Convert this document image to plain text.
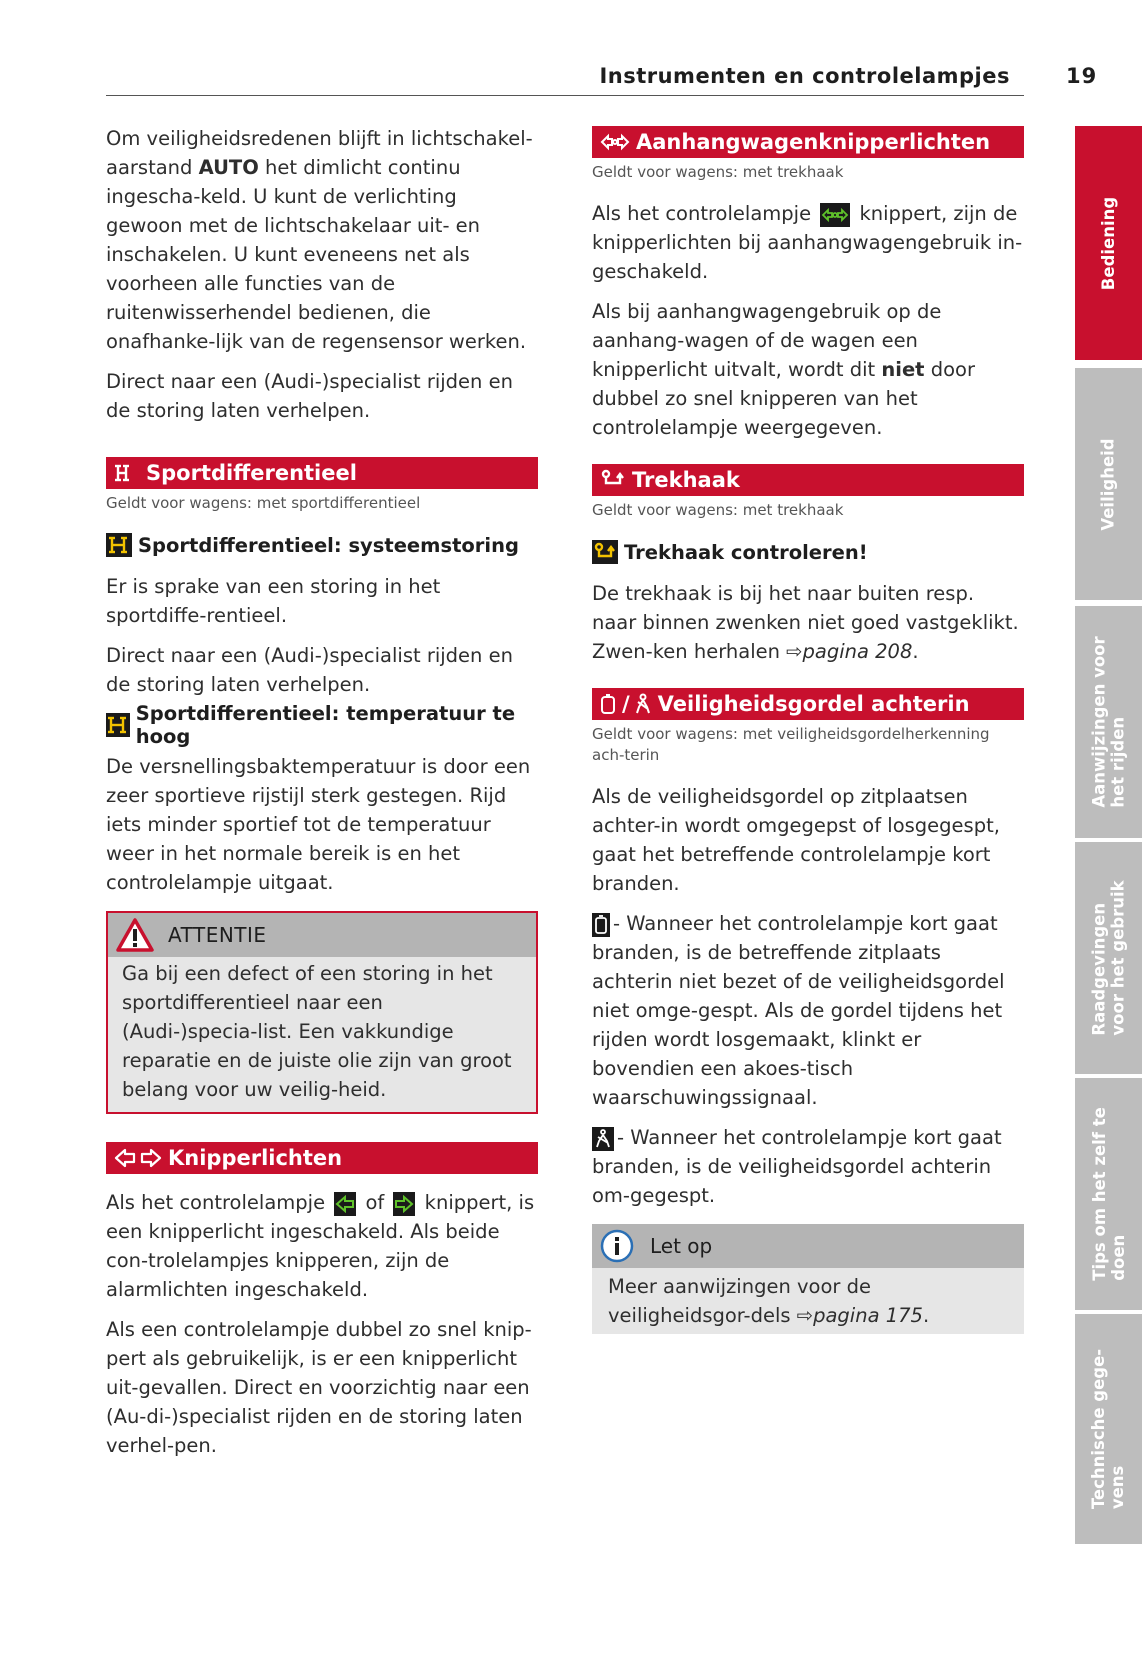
Instrumenten en controlelampjes	19

Om veiligheidsredenen blijft in lichtschakel-aarstand AUTO het dimlicht continu ingescha-keld. U kunt de verlichting gewoon met de lichtschakelaar uit- en inschakelen. U kunt eveneens net als voorheen alle functies van de ruitenwisserhendel bedienen, die onafhanke-lijk van de regensensor werken.

Direct naar een (Audi-)specialist rijden en de storing laten verhelpen.

Sportdifferentieel
Geldt voor wagens: met sportdifferentieel
Sportdifferentieel: systeemstoring

Er is sprake van een storing in het sportdiffe-rentieel.

Direct naar een (Audi-)specialist rijden en de storing laten verhelpen.

Sportdifferentieel: temperatuur te hoog

De versnellingsbaktemperatuur is door een zeer sportieve rijstijl sterk gestegen. Rijd iets minder sportief tot de temperatuur weer in het normale bereik is en het controlelampje uitgaat.

ATTENTIE

Ga bij een defect of een storing in het sportdifferentieel naar een (Audi-)specia-list. Een vakkundige reparatie en de juiste olie zijn van groot belang voor uw veilig-heid.

Knipperlichten

Als het controlelampje of knippert, is een knipperlicht ingeschakeld. Als beide con-trolelampjes knipperen, zijn de alarmlichten ingeschakeld.

Als een controlelampje dubbel zo snel knip-pert als gebruikelijk, is er een knipperlicht uit-gevallen. Direct en voorzichtig naar een (Au-di-)specialist rijden en de storing laten verhel-pen.

Aanhangwagenknipperlichten
Geldt voor wagens: met trekhaak

Als het controlelampje knippert, zijn de knipperlichten bij aanhangwagengebruik in-geschakeld.

Als bij aanhangwagengebruik op de aanhang-wagen of de wagen een knipperlicht uitvalt, wordt dit niet door dubbel zo snel knipperen van het controlelampje weergegeven.

Trekhaak
Geldt voor wagens: met trekhaak
Trekhaak controleren!

De trekhaak is bij het naar buiten resp. naar binnen zwenken niet goed vastgeklikt. Zwen-ken herhalen ⇨pagina 208.

/ Veiligheidsgordel achterin
Geldt voor wagens: met veiligheidsgordelherkenning ach-terin

Als de veiligheidsgordel op zitplaatsen achter-in wordt omgegepst of losgegespt, gaat het betreffende controlelampje kort branden.

- Wanneer het controlelampje kort gaat branden, is de betreffende zitplaats achterin niet bezet of de veiligheidsgordel niet omge-gespt. Als de gordel tijdens het rijden wordt losgemaakt, klinkt er bovendien een akoes-tisch waarschuwingssignaal.

- Wanneer het controlelampje kort gaat branden, is de veiligheidsgordel achterin om-gegespt.

Let op

Meer aanwijzingen voor de veiligheidsgor-dels ⇨pagina 175.

Bediening
Veiligheid
Aanwijzingen voor het rijden
Raadgevingen voor het gebruik
Tips om het zelf te doen
Technische gege- vens
